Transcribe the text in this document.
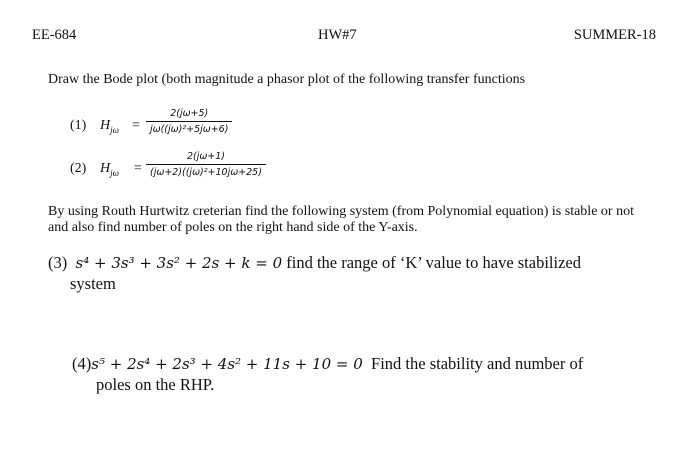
EE-684	HW#7	SUMMER-18
Draw the Bode plot (both magnitude a phasor plot of the following transfer functions
(1) $H_{j\omega}$ =
2(jω+5)
jω((jω)²+5jω+6)
(2) $H_{j\omega}$ =
2(jω+1)
(jω+2)((jω)²+10jω+25)
By using Routh Hurtwitz creterian find the following system (from Polynomial equation) is stable or not and also find number of poles on the right hand side of the Y-axis.
(3) s⁴ + 3s³ + 3s² + 2s + k = 0 find the range of ‘K’ value to have stabilized
system
(4)s⁵ + 2s⁴ + 2s³ + 4s² + 11s + 10 = 0 Find the stability and number of
poles on the RHP.
